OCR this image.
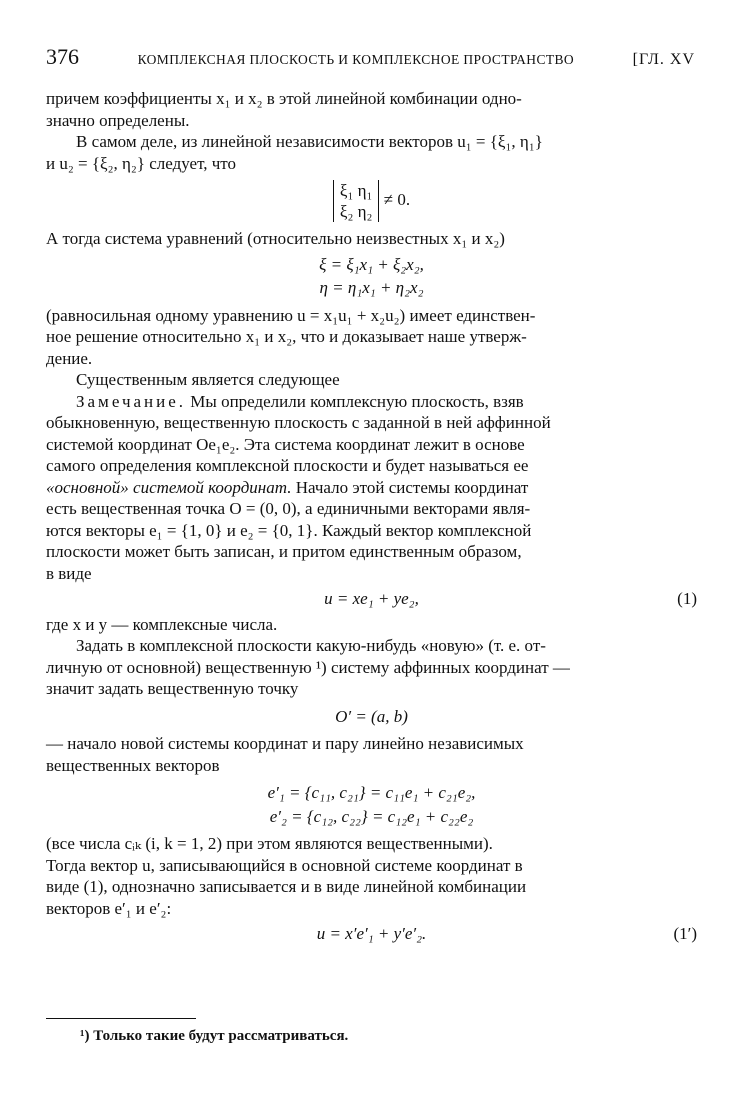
376	КОМПЛЕКСНАЯ ПЛОСКОСТЬ И КОМПЛЕКСНОЕ ПРОСТРАНСТВО	[ГЛ. XV

причем коэффициенты x₁ и x₂ в этой линейной комбинации одно-

значно определены.

В самом деле, из линейной независимости векторов u₁ = {ξ₁, η₁}

и u₂ = {ξ₂, η₂} следует, что

ξ₁ η₁
ξ₂ η₂
≠ 0.

А тогда система уравнений (относительно неизвестных x₁ и x₂)

ξ = ξ₁x₁ + ξ₂x₂,
η = η₁x₁ + η₂x₂

(равносильная одному уравнению u = x₁u₁ + x₂u₂) имеет единствен-

ное решение относительно x₁ и x₂, что и доказывает наше утверж-

дение.

Существенным является следующее

Замечание. Мы определили комплексную плоскость, взяв

обыкновенную, вещественную плоскость с заданной в ней аффинной

системой координат Oe₁e₂. Эта система координат лежит в основе

самого определения комплексной плоскости и будет называться ее

«основной» системой координат. Начало этой системы координат

есть вещественная точка O = (0, 0), а единичными векторами явля-

ются векторы e₁ = {1, 0} и e₂ = {0, 1}. Каждый вектор комплексной

плоскости может быть записан, и притом единственным образом,

в виде

u = xe₁ + ye₂,	(1)

где x и y — комплексные числа.

Задать в комплексной плоскости какую-нибудь «новую» (т. е. от-

личную от основной) вещественную ¹) систему аффинных координат —

значит задать вещественную точку

O′ = (a, b)

— начало новой системы координат и пару линейно независимых

вещественных векторов

e′₁ = {c₁₁, c₂₁} = c₁₁e₁ + c₂₁e₂,
e′₂ = {c₁₂, c₂₂} = c₁₂e₁ + c₂₂e₂

(все числа cᵢₖ (i, k = 1, 2) при этом являются вещественными).

Тогда вектор u, записывающийся в основной системе координат в

виде (1), однозначно записывается и в виде линейной комбинации

векторов e′₁ и e′₂:

u = x′e′₁ + y′e′₂.	(1′)
¹) Только такие будут рассматриваться.
